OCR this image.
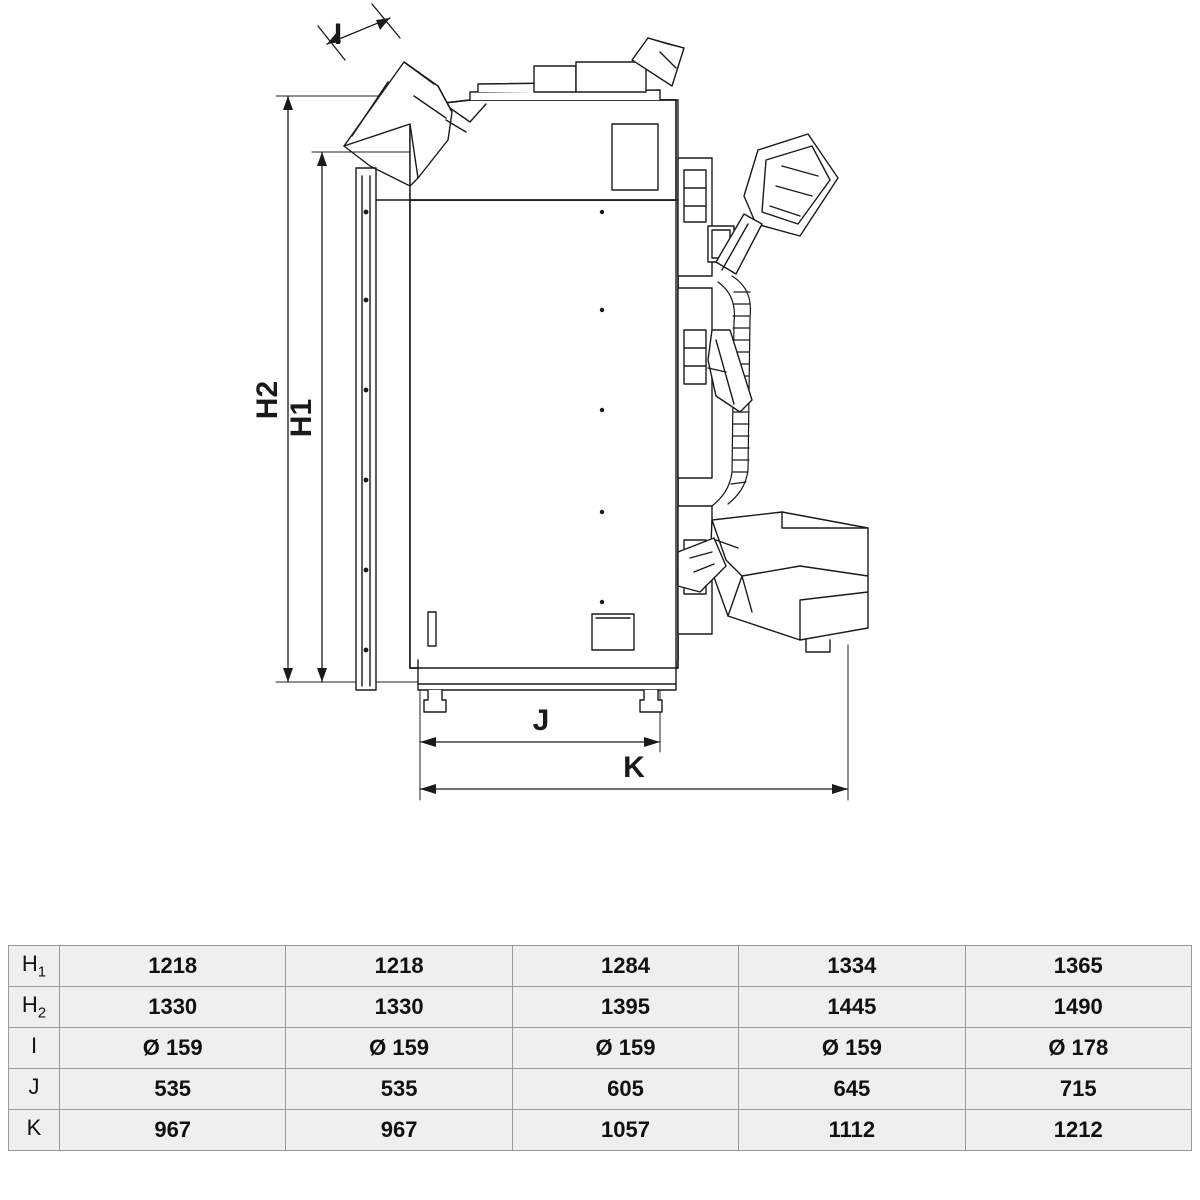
H2 H1
I
J
K
$H_1$	1218	1218	1284	1334	1365
$H_2$	1330	1330	1395	1445	1490
I	Ø 159	Ø 159	Ø 159	Ø 159	Ø 178
J	535	535	605	645	715
K	967	967	1057	1112	1212
